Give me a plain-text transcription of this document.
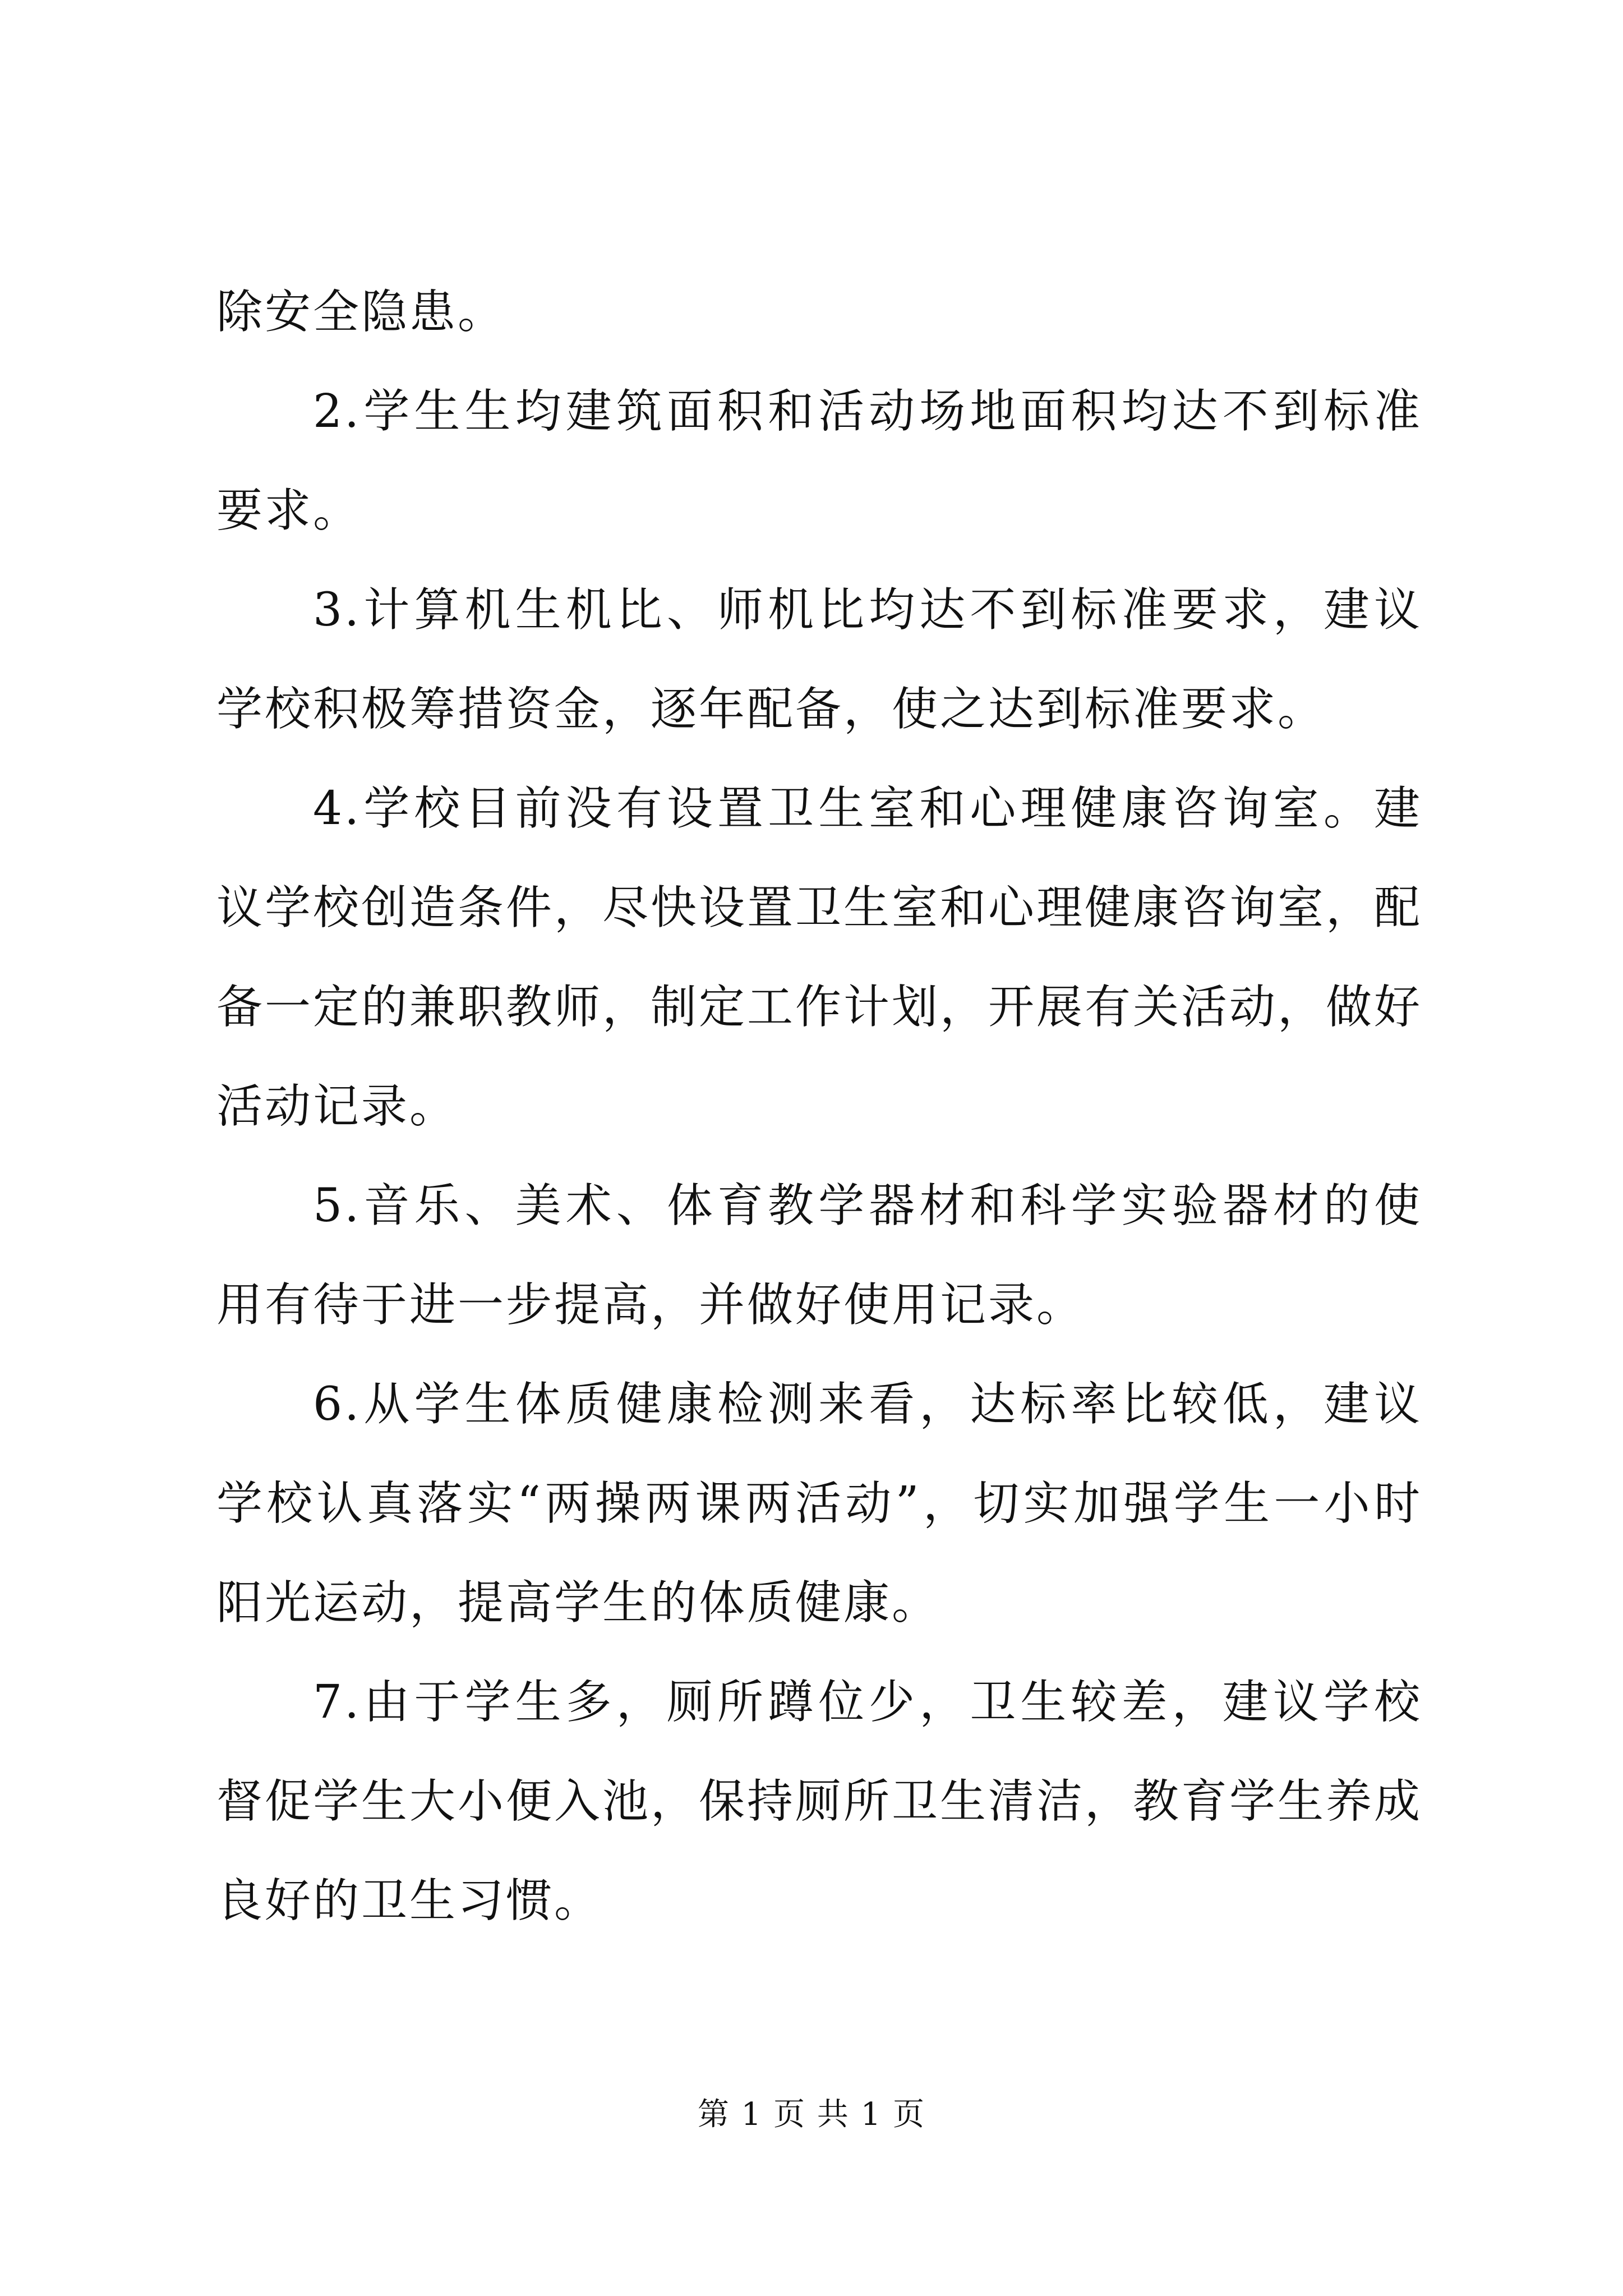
除安全隐患。

2.学生生均建筑面积和活动场地面积均达不到标准要求。

3.计算机生机比、师机比均达不到标准要求，建议学校积极筹措资金，逐年配备，使之达到标准要求。

4.学校目前没有设置卫生室和心理健康咨询室。建议学校创造条件，尽快设置卫生室和心理健康咨询室，配备一定的兼职教师，制定工作计划，开展有关活动，做好活动记录。

5.音乐、美术、体育教学器材和科学实验器材的使用有待于进一步提高，并做好使用记录。

6.从学生体质健康检测来看，达标率比较低，建议学校认真落实“两操两课两活动”，切实加强学生一小时阳光运动，提高学生的体质健康。

7.由于学生多，厕所蹲位少，卫生较差，建议学校督促学生大小便入池，保持厕所卫生清洁，教育学生养成良好的卫生习惯。

第 1 页 共 1 页
